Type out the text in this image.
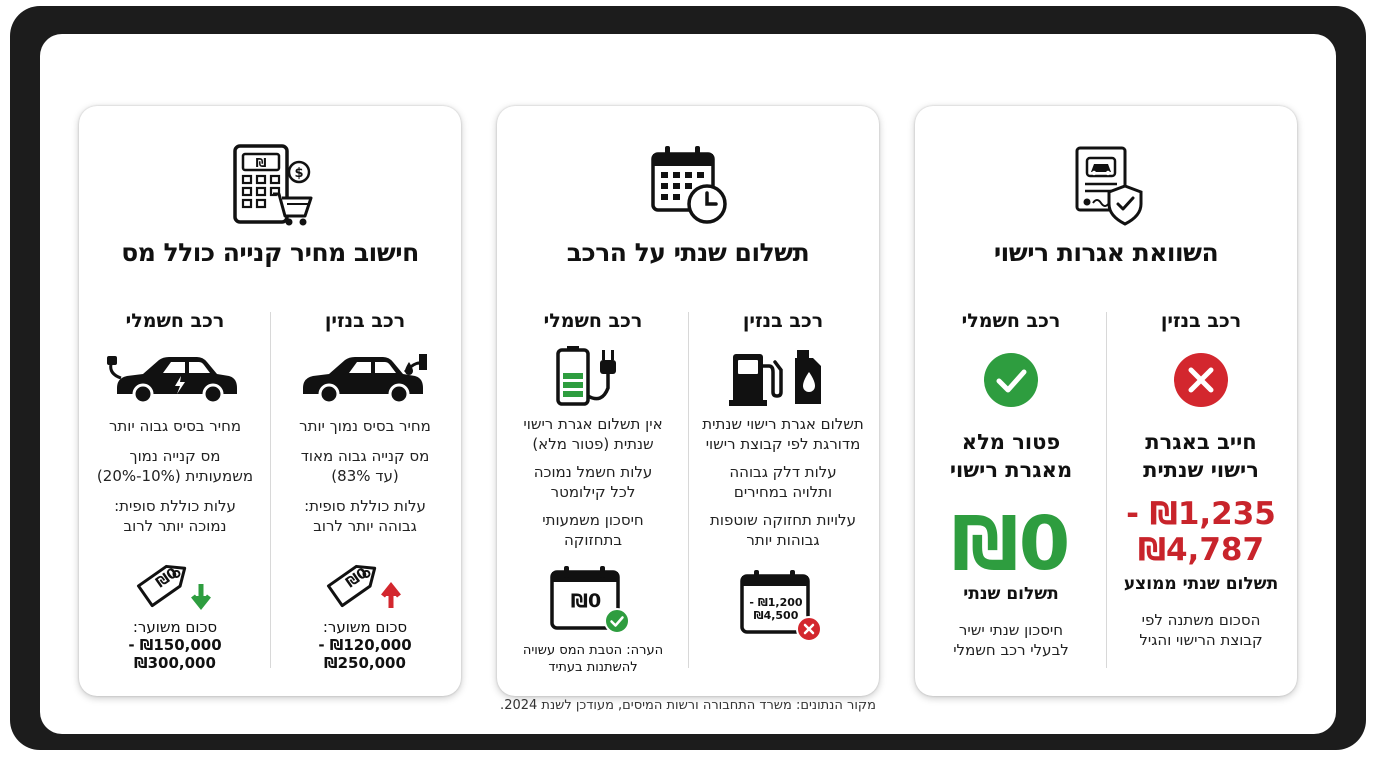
השוואת אגרות רישוי
רכב בנזין
חייב באגרת
רישוי שנתית
₪1,235 -
₪4,787
תשלום שנתי ממוצע
הסכום משתנה לפי
קבוצת הרישוי והגיל
רכב חשמלי
פטור מלא
מאגרת רישוי
₪0
תשלום שנתי
חיסכון שנתי ישיר
לבעלי רכב חשמלי
תשלום שנתי על הרכב
רכב בנזין
תשלום אגרת רישוי שנתית
מדורגת לפי קבוצת רישוי
עלות דלק גבוהה
ותלויה במחירים
עלויות תחזוקה שוטפות
גבוהות יותר
₪1,200 -
₪4,500
רכב חשמלי
אין תשלום אגרת רישוי
שנתית (פטור מלא)
עלות חשמל נמוכה
לכל קילומטר
חיסכון משמעותי
בתחזוקה
₪0
הערה: הטבת המס עשויה
להשתנות בעתיד
₪
$
חישוב מחיר קנייה כולל מס
רכב בנזין
מחיר בסיס נמוך יותר
מס קנייה גבוה מאוד
(עד 83%)
עלות כוללת סופית:
גבוהה יותר לרוב
₪0
סכום משוער:
₪120,000 - ₪250,000
רכב חשמלי
מחיר בסיס גבוה יותר
מס קנייה נמוך
משמעותית (10%-20%)
עלות כוללת סופית:
נמוכה יותר לרוב
₪0
סכום משוער:
₪150,000 - ₪300,000
מקור הנתונים: משרד התחבורה ורשות המיסים, מעודכן לשנת 2024.
